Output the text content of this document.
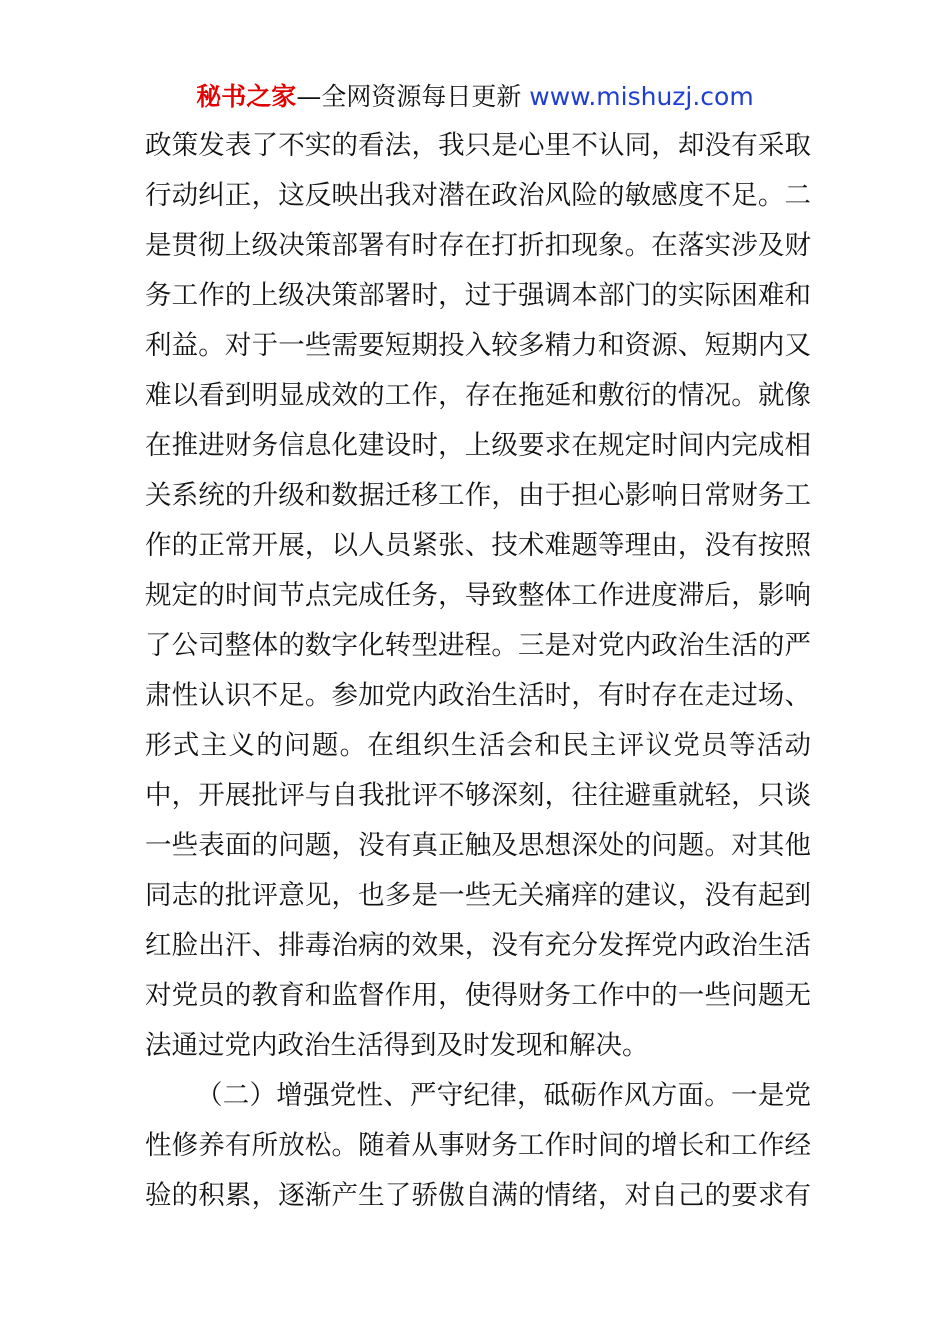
秘书之家—全网资源每日更新 www.mishuzj.com
政策发表了不实的看法，我只是心里不认同，却没有采取
行动纠正，这反映出我对潜在政治风险的敏感度不足。二
是贯彻上级决策部署有时存在打折扣现象。在落实涉及财
务工作的上级决策部署时，过于强调本部门的实际困难和
利益。对于一些需要短期投入较多精力和资源、短期内又
难以看到明显成效的工作，存在拖延和敷衍的情况。就像
在推进财务信息化建设时，上级要求在规定时间内完成相
关系统的升级和数据迁移工作，由于担心影响日常财务工
作的正常开展，以人员紧张、技术难题等理由，没有按照
规定的时间节点完成任务，导致整体工作进度滞后，影响
了公司整体的数字化转型进程。三是对党内政治生活的严
肃性认识不足。参加党内政治生活时，有时存在走过场、
形式主义的问题。在组织生活会和民主评议党员等活动
中，开展批评与自我批评不够深刻，往往避重就轻，只谈
一些表面的问题，没有真正触及思想深处的问题。对其他
同志的批评意见，也多是一些无关痛痒的建议，没有起到
红脸出汗、排毒治病的效果，没有充分发挥党内政治生活
对党员的教育和监督作用，使得财务工作中的一些问题无
法通过党内政治生活得到及时发现和解决。
（二）增强党性、严守纪律，砥砺作风方面。一是党
性修养有所放松。随着从事财务工作时间的增长和工作经
验的积累，逐渐产生了骄傲自满的情绪，对自己的要求有
